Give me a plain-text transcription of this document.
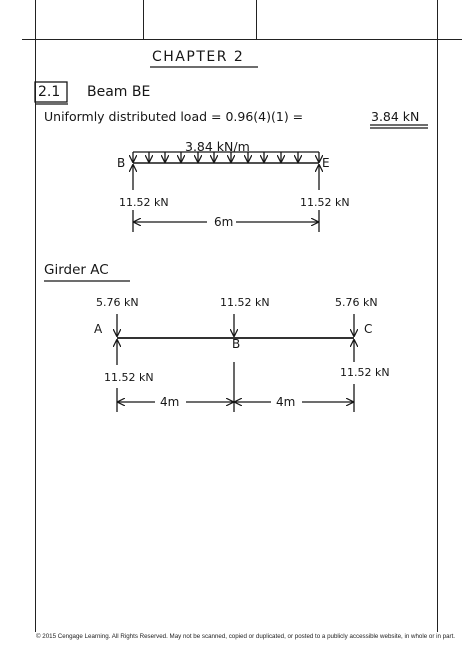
CHAPTER 2
2.1 Beam BE
Uniformly distributed load = 0.96(4)(1) =	3.84 kN
3.84 kN/m
B	E
11.52 kN	11.52 kN
6m
Girder AC
5.76 kN	11.52 kN	5.76 kN
A
B
C
11.52 kN	11.52 kN
4m	4m
© 2015 Cengage Learning. All Rights Reserved. May not be scanned, copied or duplicated, or posted to a publicly accessible website, in whole or in part.
